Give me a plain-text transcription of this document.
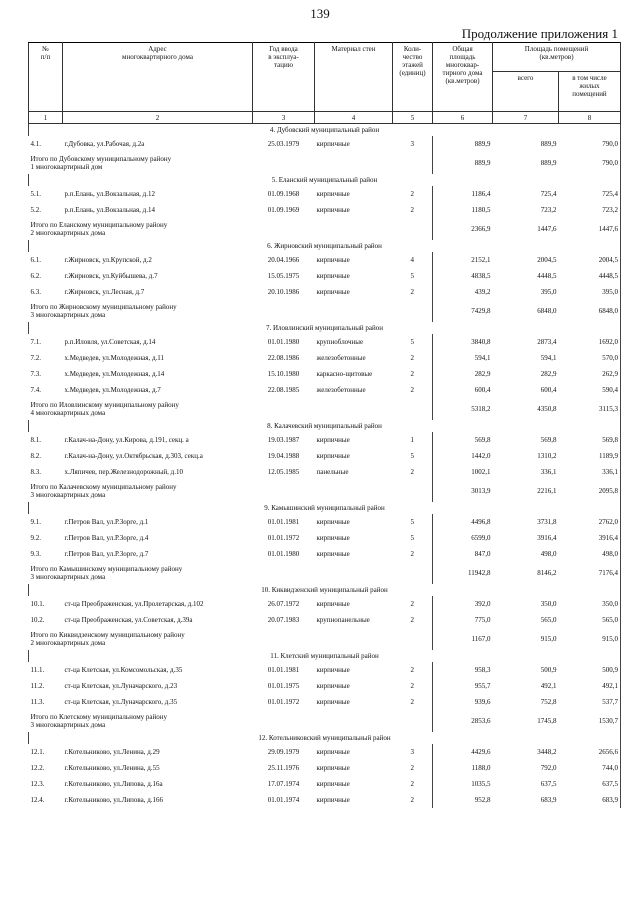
139
Продолжение приложения 1
№
п/п	Адрес
многоквартирного дома	Год ввода
в эксплуа-
тацию	Материал стен	Коли-
чество
этажей
(единиц)	Общая
площадь
многоквар-
тирного дома
(кв.метров)	Площадь помещений
(кв.метров)	
						всего	в том числе
жилых
помещений
1	2	3	4	5	6	7	8
4. Дубовский муниципальный район							
4.1.	г.Дубовка, ул.Рабочая, д.2а	25.03.1979	кирпичные	3	889,9	889,9	790,0
Итого по Дубовскому муниципальному району
1 многоквартирный дом					889,9	889,9	790,0
5. Еланский муниципальный район							
5.1.	р.п.Елань, ул.Вокзальная, д.12	01.09.1968	кирпичные	2	1186,4	725,4	725,4
5.2.	р.п.Елань, ул.Вокзальная, д.14	01.09.1969	кирпичные	2	1180,5	723,2	723,2
Итого по Еланскому муниципальному району
2 многоквартирных дома					2366,9	1447,6	1447,6
6. Жирновский муниципальный район							
6.1.	г.Жирновск, ул.Крупской, д.2	20.04.1966	кирпичные	4	2152,1	2004,5	2004,5
6.2.	г.Жирновск, ул.Куйбышева, д.7	15.05.1975	кирпичные	5	4838,5	4448,5	4448,5
6.3.	г.Жирновск, ул.Лесная, д.7	20.10.1986	кирпичные	2	439,2	395,0	395,0
Итого по Жирновскому муниципальному району
3 многоквартирных дома					7429,8	6848,0	6848,0
7. Иловлинский муниципальный район							
7.1.	р.п.Иловля, ул.Советская, д.14	01.01.1980	крупноблочные	5	3840,8	2873,4	1692,0
7.2.	х.Медведев, ул.Молодежная, д.11	22.08.1986	железобетонные	2	594,1	594,1	570,0
7.3.	х.Медведев, ул.Молодежная, д.14	15.10.1980	каркасно-щитовые	2	282,9	282,9	262,9
7.4.	х.Медведев, ул.Молодежная, д.7	22.08.1985	железобетонные	2	600,4	600,4	590,4
Итого по Иловлинскому муниципальному району
4 многоквартирных дома					5318,2	4350,8	3115,3
8. Калачевский муниципальный район							
8.1.	г.Калач-на-Дону, ул.Кирова, д.191, секц. а	19.03.1987	кирпичные	1	569,8	569,8	569,8
8.2.	г.Калач-на-Дону, ул.Октябрьская, д.303, секц.а	19.04.1988	кирпичные	5	1442,0	1310,2	1189,9
8.3.	х.Ляпичев, пер.Железнодорожный, д.10	12.05.1985	панельные	2	1002,1	336,1	336,1
Итого по Калачевскому муниципальному району
3 многоквартирных дома					3013,9	2216,1	2095,8
9. Камышинский муниципальный район							
9.1.	г.Петров Вал, ул.Р.Зорге, д.1	01.01.1981	кирпичные	5	4496,8	3731,8	2762,0
9.2.	г.Петров Вал, ул.Р.Зорге, д.4	01.01.1972	кирпичные	5	6599,0	3916,4	3916,4
9.3.	г.Петров Вал, ул.Р.Зорге, д.7	01.01.1980	кирпичные	2	847,0	498,0	498,0
Итого по Камышинскому муниципальному району
3 многоквартирных дома					11942,8	8146,2	7176,4
10. Киквидзенский муниципальный район							
10.1.	ст-ца Преображенская, ул.Пролетарская, д.102	26.07.1972	кирпичные	2	392,0	350,0	350,0
10.2.	ст-ца Преображенская, ул.Советская, д.39а	20.07.1983	крупнопанельные	2	775,0	565,0	565,0
Итого по Киквидзенскому муниципальному району
2 многоквартирных дома					1167,0	915,0	915,0
11. Клетский муниципальный район							
11.1.	ст-ца Клетская, ул.Комсомольская, д.35	01.01.1981	кирпичные	2	958,3	500,9	500,9
11.2.	ст-ца Клетская, ул.Луначарского, д.23	01.01.1975	кирпичные	2	955,7	492,1	492,1
11.3.	ст-ца Клетская, ул.Луначарского, д.35	01.01.1972	кирпичные	2	939,6	752,8	537,7
Итого по Клетскому муниципальному району
3 многоквартирных дома					2853,6	1745,8	1530,7
12. Котельниковский муниципальный район							
12.1.	г.Котельниково, ул.Ленина, д.29	29.09.1979	кирпичные	3	4429,6	3448,2	2656,6
12.2.	г.Котельниково, ул.Ленина, д.55	25.11.1976	кирпичные	2	1188,0	792,0	744,0
12.3.	г.Котельниково, ул.Липова, д.16а	17.07.1974	кирпичные	2	1035,5	637,5	637,5
12.4.	г.Котельниково, ул.Липова, д.166	01.01.1974	кирпичные	2	952,8	683,9	683,9
